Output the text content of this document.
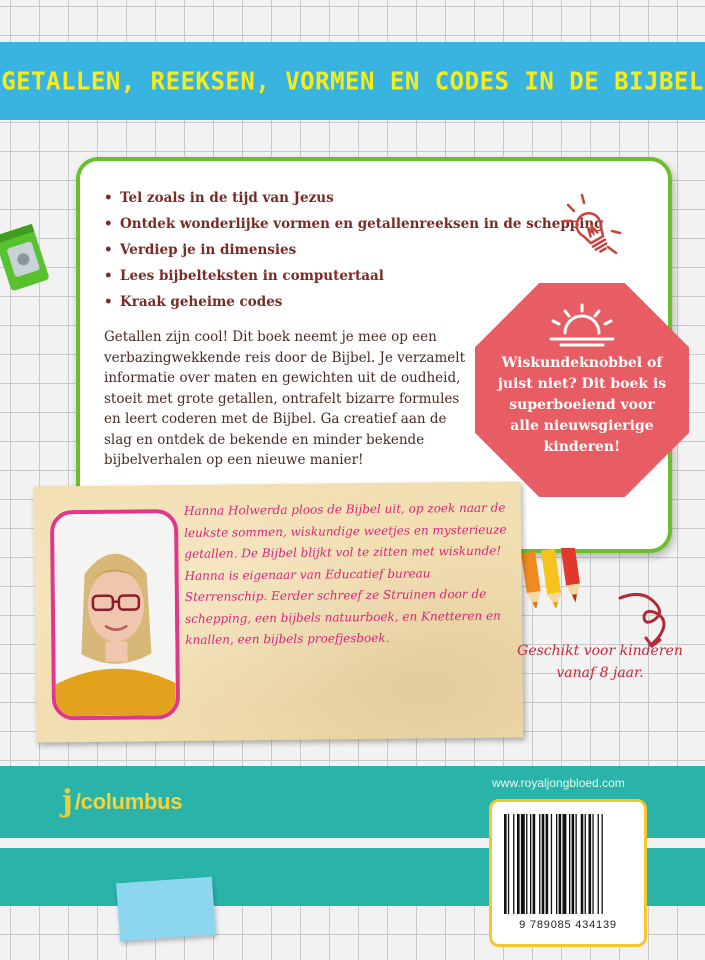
GETALLEN, REEKSEN, VORMEN EN CODES IN DE BIJBEL
• Tel zoals in de tijd van Jezus
• Ontdek wonderlijke vormen en getallenreeksen in de schepping
• Verdiep je in dimensies
• Lees bijbelteksten in computertaal
• Kraak geheime codes

Getallen zijn cool! Dit boek neemt je mee op een verbazingwekkende reis door de Bijbel. Je verzamelt informatie over maten en gewichten uit de oudheid, stoeit met grote getallen, ontrafelt bizarre formules en leert coderen met de Bijbel. Ga creatief aan de slag en ontdek de bekende en minder bekende bijbelverhalen op een nieuwe manier!

Wiskundeknobbel of juist niet? Dit boek is superboeiend voor alle nieuwsgierige kinderen!

Hanna Holwerda ploos de Bijbel uit, op zoek naar de leukste sommen, wiskundige weetjes en mysterieuze getallen. De Bijbel blijkt vol te zitten met wiskunde! Hanna is eigenaar van Educatief bureau Sterrenschip. Eerder schreef ze Struinen door de schepping, een bijbels natuurboek, en Knetteren en knallen, een bijbels proefjesboek.

Geschikt voor kinderen vanaf 8 jaar.

j /columbus
www.royaljongbloed.com
9 789085 434139
